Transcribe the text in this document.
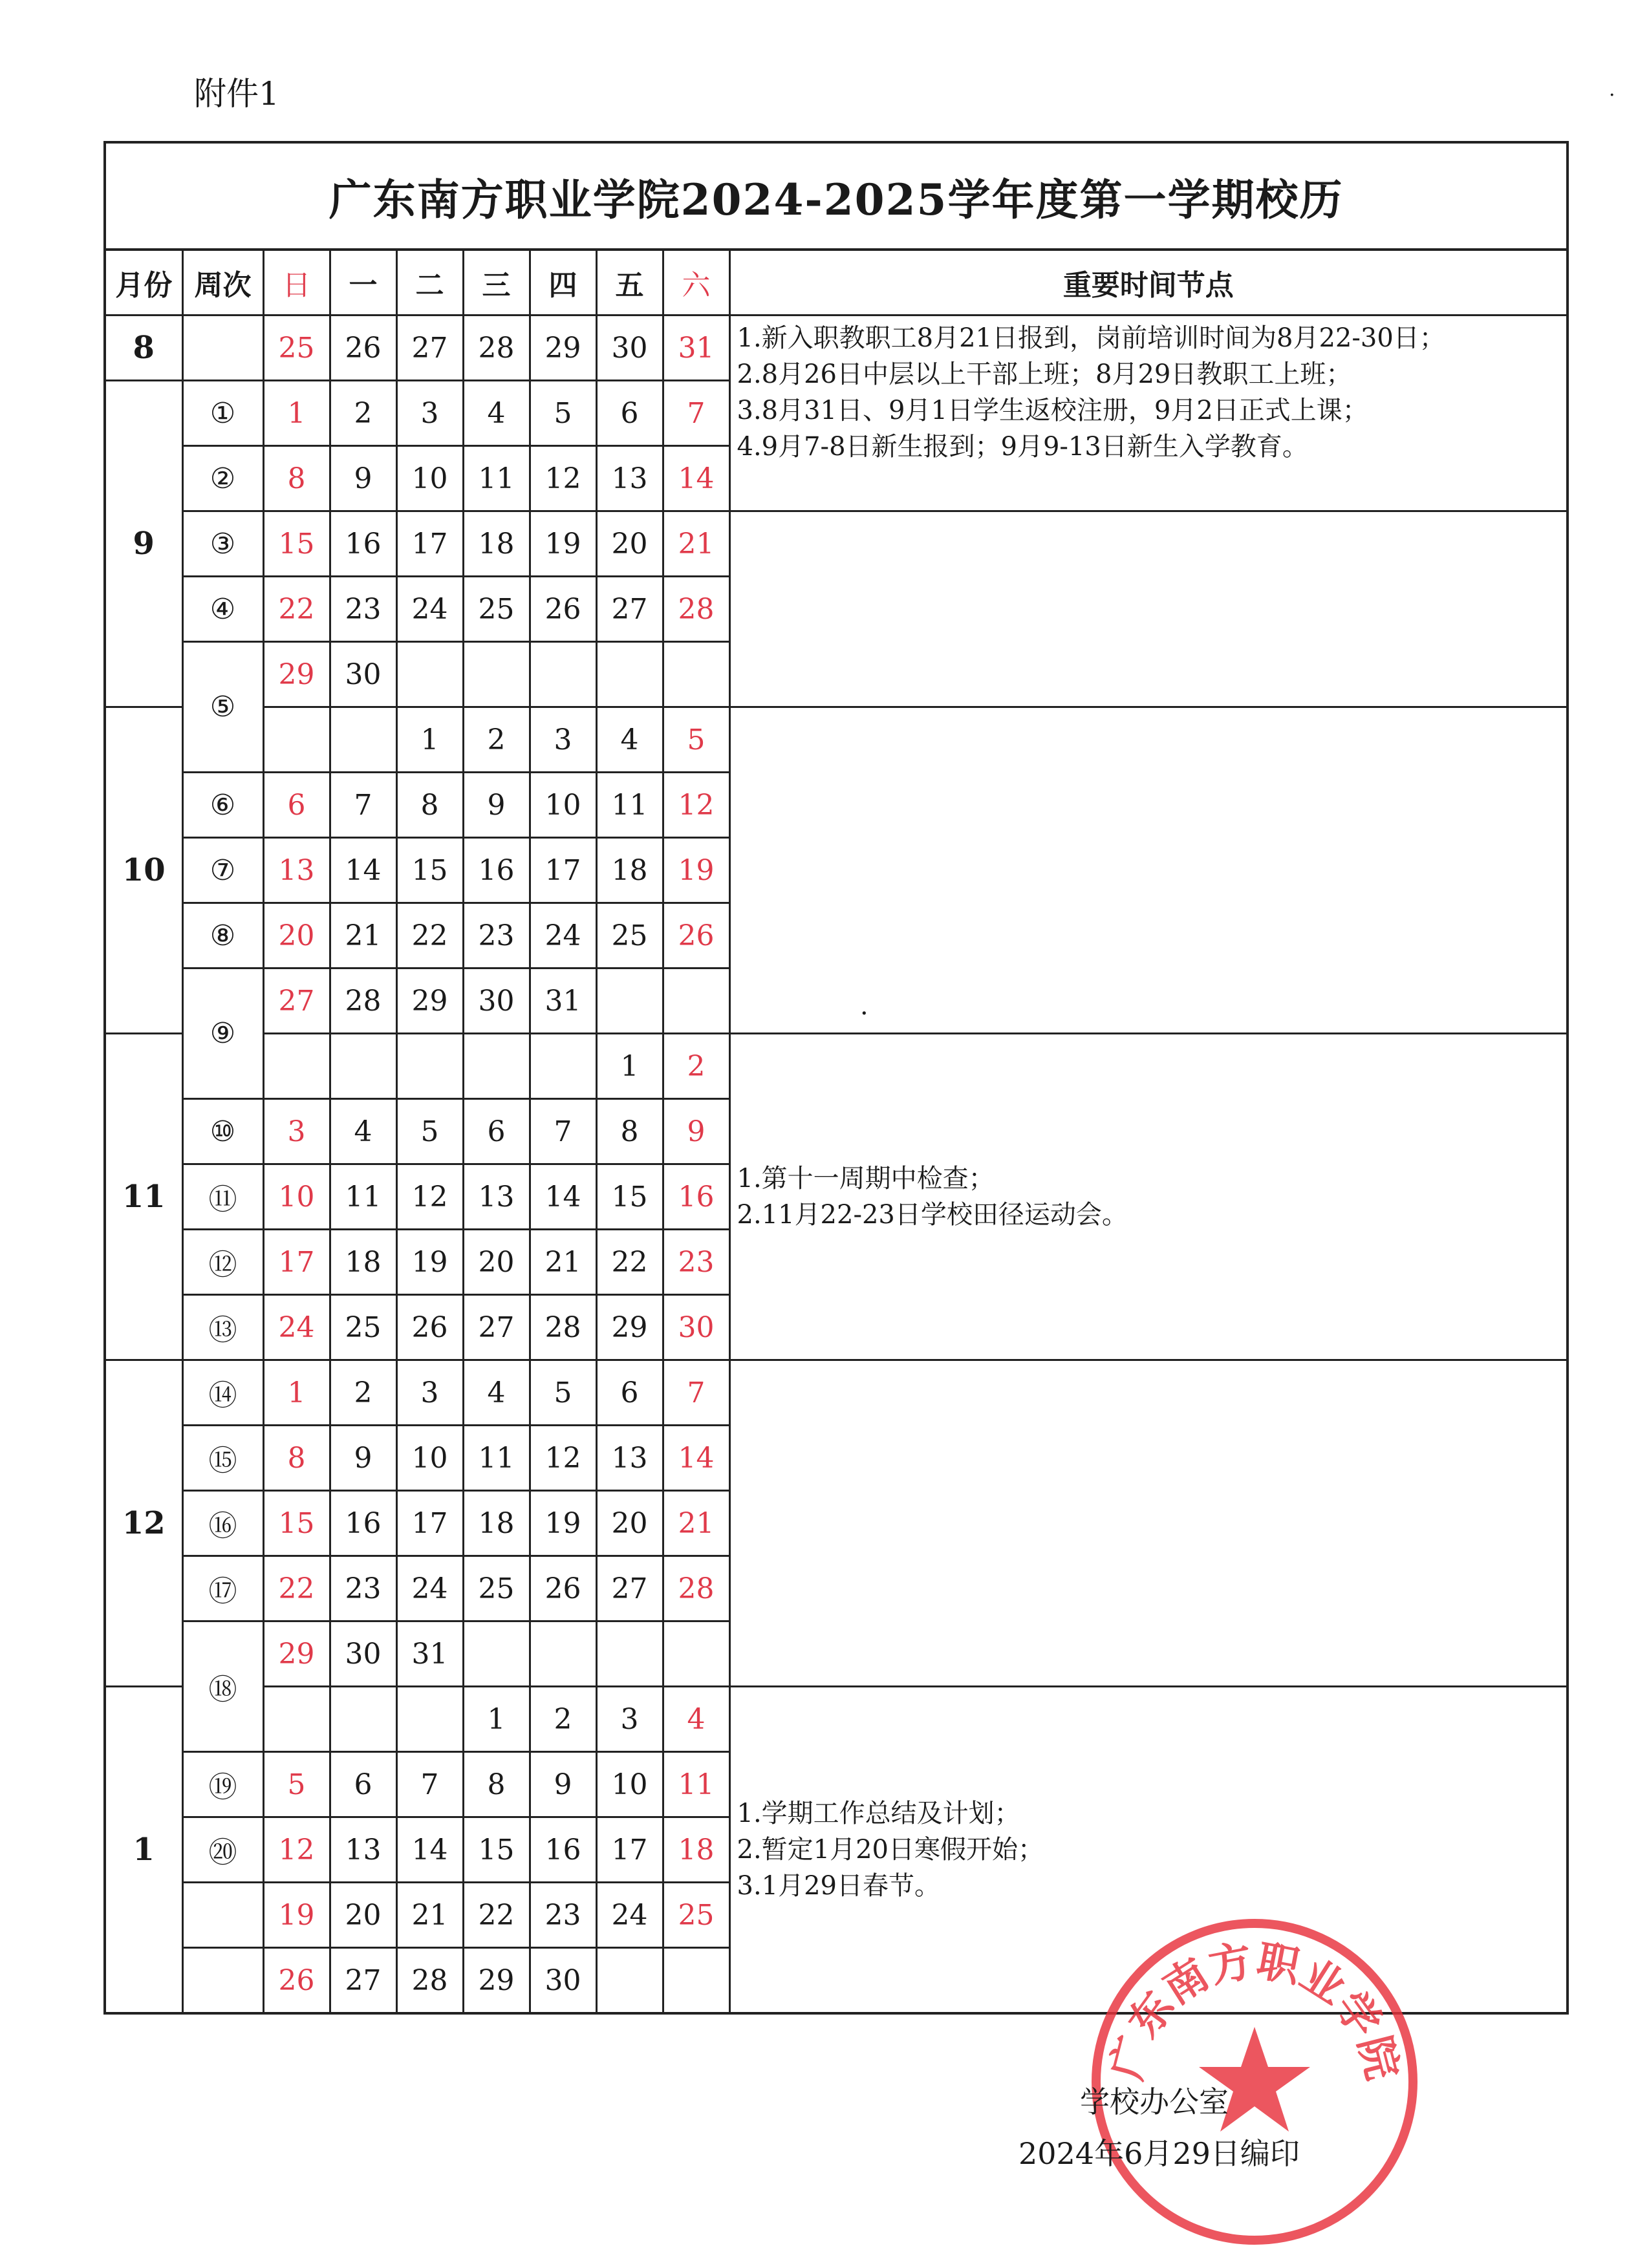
附件1
广东南方职业学院2024-2025学年度第一学期校历									
月份	周次	日	一	二	三	四	五	六	重要时间节点
8		25	26	27	28	29	30	31	1.新入职教职工8月21日报到，岗前培训时间为8月22-30日；
2.8月26日中层以上干部上班；8月29日教职工上班；
3.8月31日、9月1日学生返校注册，9月2日正式上课；
4.9月7-8日新生报到；9月9-13日新生入学教育。

9	①	1	2	3	4	5	6	7	
	②	8	9	10	11	12	13	14	
	③	15	16	17	18	19	20	21	
	④	22	23	24	25	26	27	28	
	⑤	29	30						
10				1	2	3	4	5	
	⑥	6	7	8	9	10	11	12	
	⑦	13	14	15	16	17	18	19	
	⑧	20	21	22	23	24	25	26	
	⑨	27	28	29	30	31			
11							1	2	1.第十一周期中检查；
2.11月22-23日学校田径运动会。

	⑩	3	4	5	6	7	8	9	
	⑪	10	11	12	13	14	15	16	
	⑫	17	18	19	20	21	22	23	
	⑬	24	25	26	27	28	29	30	
12	⑭	1	2	3	4	5	6	7	
	⑮	8	9	10	11	12	13	14	
	⑯	15	16	17	18	19	20	21	
	⑰	22	23	24	25	26	27	28	
	⑱	29	30	31					
1					1	2	3	4	1.学期工作总结及计划；
2.暂定1月20日寒假开始；
3.1月29日春节。

	⑲	5	6	7	8	9	10	11	
	⑳	12	13	14	15	16	17	18	
		19	20	21	22	23	24	25	
		26	27	28	29	30			
·
·
广东南方职业学院
学校办公室
2024年6月29日编印
